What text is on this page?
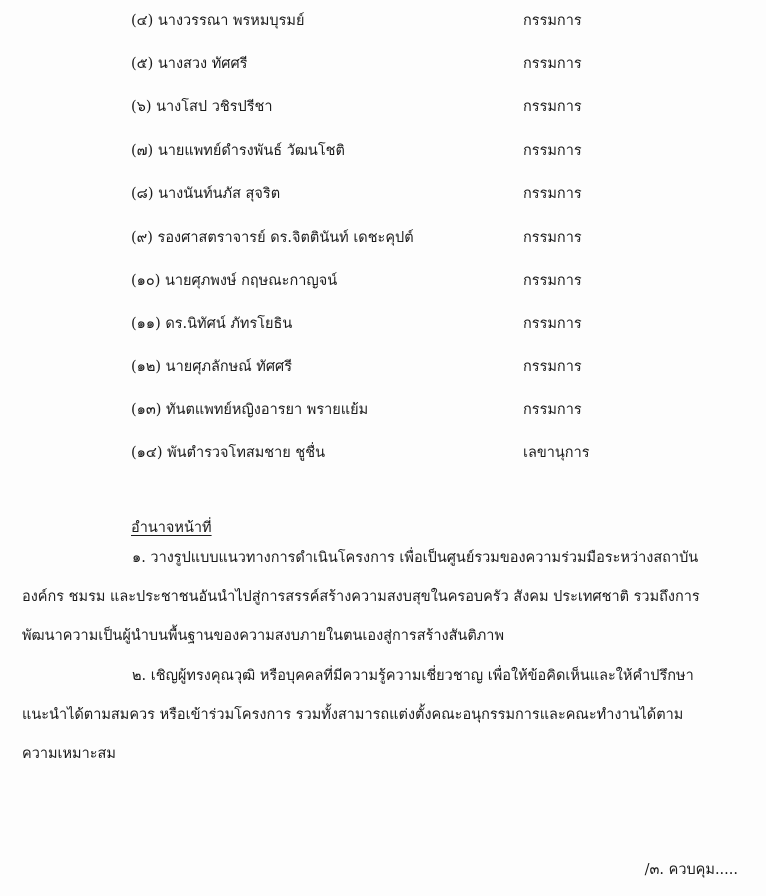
(๔) นางวรรณา พรหมบุรมย์	กรรมการ
(๕) นางสวง ทัศศรี	กรรมการ
(๖) นางโสป วชิรปรีชา	กรรมการ
(๗) นายแพทย์ดำรงพันธ์ วัฒนโชติ	กรรมการ
(๘) นางนันท์นภัส สุจริต	กรรมการ
(๙) รองศาสตราจารย์ ดร.จิตตินันท์ เดชะคุปต์	กรรมการ
(๑๐) นายศุภพงษ์ กฤษณะกาญจน์	กรรมการ
(๑๑) ดร.นิทัศน์ ภัทรโยธิน	กรรมการ
(๑๒) นายศุภลักษณ์ ทัศศรี	กรรมการ
(๑๓) ทันตแพทย์หญิงอารยา พรายแย้ม	กรรมการ
(๑๔) พันตำรวจโทสมชาย ชูชื่น	เลขานุการ
อำนาจหน้าที่
๑. วางรูปแบบแนวทางการดำเนินโครงการ เพื่อเป็นศูนย์รวมของความร่วมมือระหว่างสถาบัน
องค์กร ชมรม และประชาชนอันนำไปสู่การสรรค์สร้างความสงบสุขในครอบครัว สังคม ประเทศชาติ รวมถึงการ
พัฒนาความเป็นผู้นำบนพื้นฐานของความสงบภายในตนเองสู่การสร้างสันติภาพ
๒. เชิญผู้ทรงคุณวุฒิ หรือบุคคลที่มีความรู้ความเชี่ยวชาญ เพื่อให้ข้อคิดเห็นและให้คำปรึกษา
แนะนำได้ตามสมควร หรือเข้าร่วมโครงการ รวมทั้งสามารถแต่งตั้งคณะอนุกรรมการและคณะทำงานได้ตาม
ความเหมาะสม
/๓. ควบคุม.....
